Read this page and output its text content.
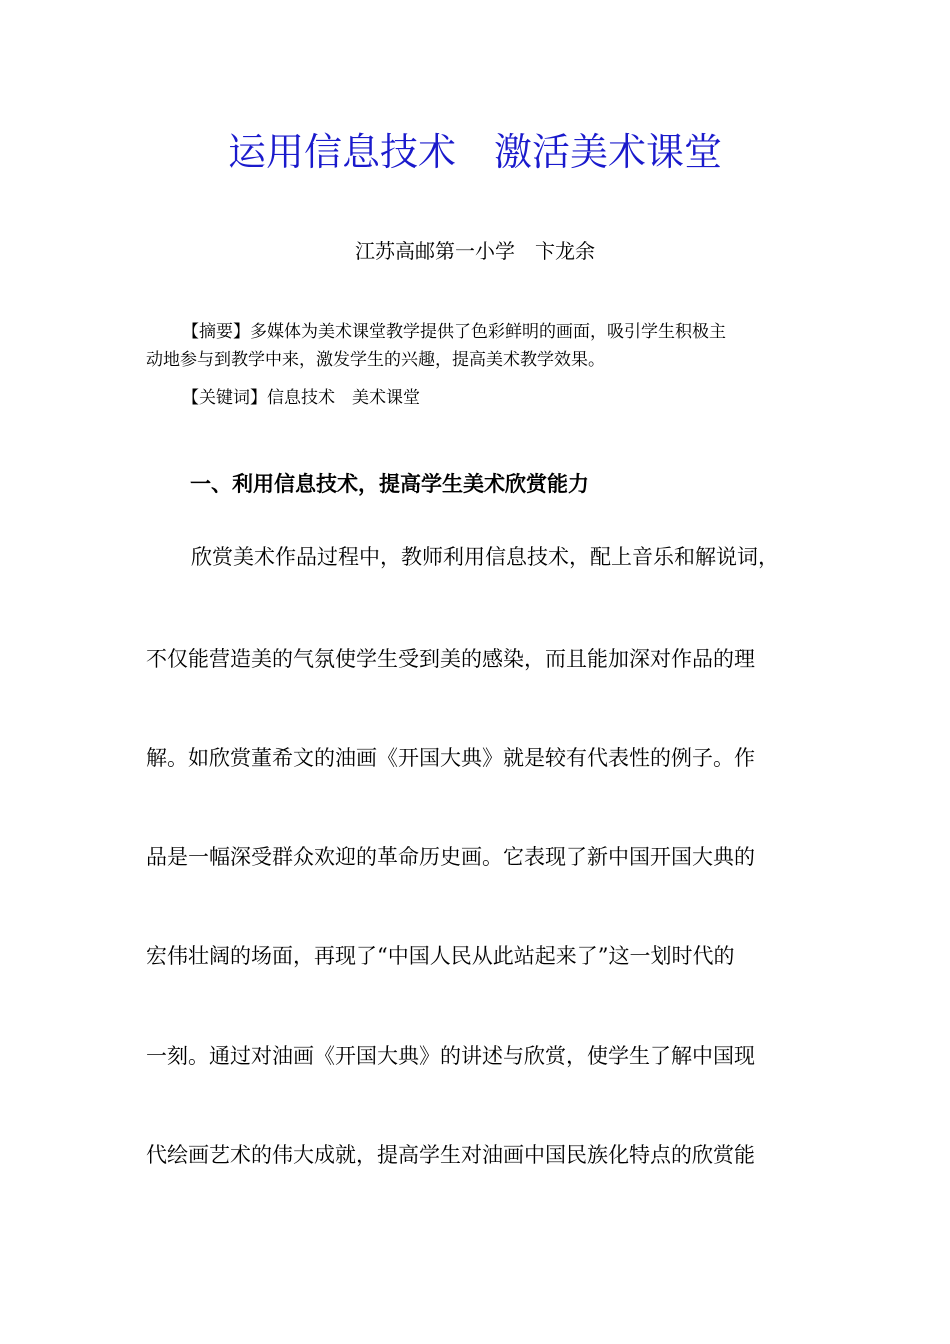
运用信息技术　激活美术课堂
江苏高邮第一小学　卞龙余
【摘要】多媒体为美术课堂教学提供了色彩鲜明的画面，吸引学生积极主
动地参与到教学中来，激发学生的兴趣，提高美术教学效果。
【关键词】信息技术　美术课堂
一、利用信息技术，提高学生美术欣赏能力
　欣赏美术作品过程中，教师利用信息技术，配上音乐和解说词，
不仅能营造美的气氛使学生受到美的感染，而且能加深对作品的理
解。如欣赏董希文的油画《开国大典》就是较有代表性的例子。作
品是一幅深受群众欢迎的革命历史画。它表现了新中国开国大典的
宏伟壮阔的场面，再现了“中国人民从此站起来了”这一划时代的
一刻。通过对油画《开国大典》的讲述与欣赏，使学生了解中国现
代绘画艺术的伟大成就，提高学生对油画中国民族化特点的欣赏能
